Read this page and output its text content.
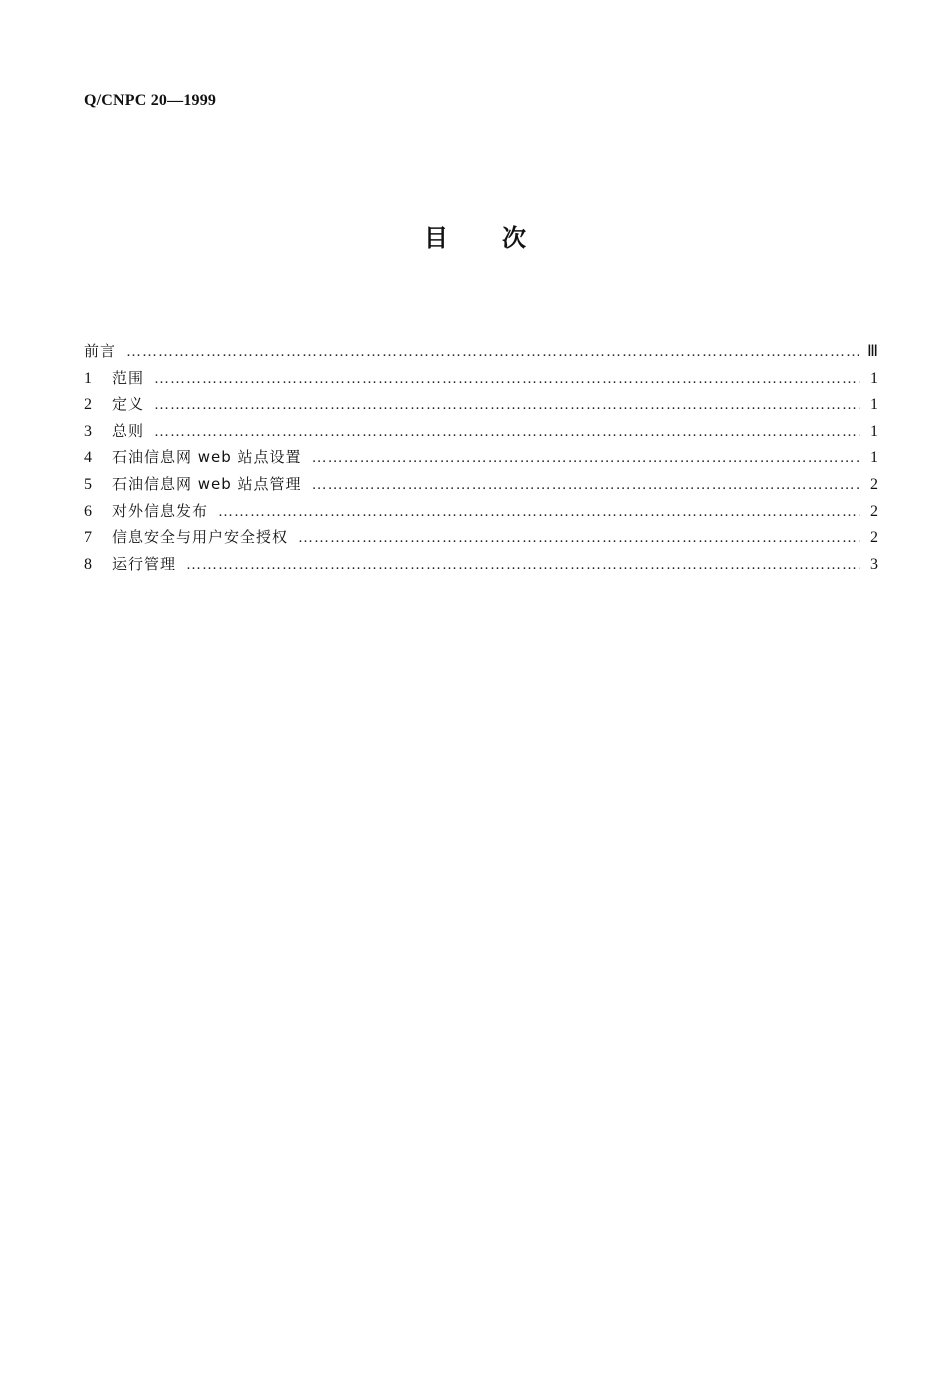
Q/CNPC 20—1999
目次
前言 …………………………………………………………………………………………………………………………………………………………………………………………………………………………………………………………	Ⅲ
1	范围 …………………………………………………………………………………………………………………………………………………………………………………………………………………………………………………………	1
2	定义 …………………………………………………………………………………………………………………………………………………………………………………………………………………………………………………………	1
3	总则 …………………………………………………………………………………………………………………………………………………………………………………………………………………………………………………………	1
4	石油信息网 web 站点设置 …………………………………………………………………………………………………………………………………………………………………………………………………………………………………………………………	1
5	石油信息网 web 站点管理 …………………………………………………………………………………………………………………………………………………………………………………………………………………………………………………………	2
6	对外信息发布 …………………………………………………………………………………………………………………………………………………………………………………………………………………………………………………………	2
7	信息安全与用户安全授权 …………………………………………………………………………………………………………………………………………………………………………………………………………………………………………………………	2
8	运行管理 …………………………………………………………………………………………………………………………………………………………………………………………………………………………………………………………	3
